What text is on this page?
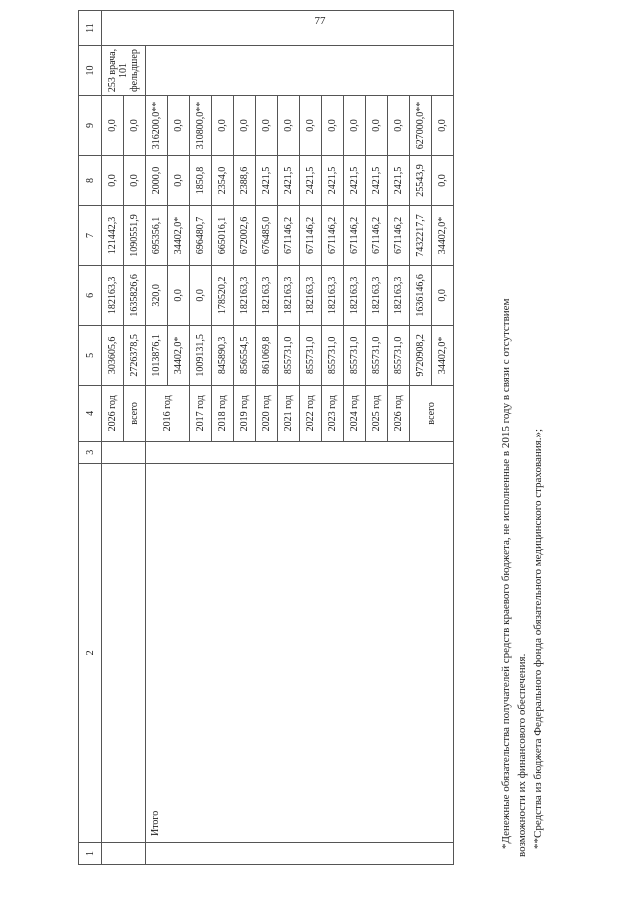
77
1	2	3	4	5	6	7	8	9	10	11
			2026 год	303605,6	182163,3	121442,3	0,0	0,0	253 врача, 101 фельдшер	
			всего	2726378,5	1635826,6	1090551,9	0,0	0,0		
	Итого		2016 год	1013876,1	320,0	695356,1	2000,0	316200,0**		
				34402,0*	0,0	34402,0*	0,0	0,0		
			2017 год	1009131,5	0,0	696480,7	1850,8	310800,0**		
			2018 год	845890,3	178520,2	665016,1	2354,0	0,0		
			2019 год	856554,5	182163,3	672002,6	2388,6	0,0		
			2020 год	861069,8	182163,3	676485,0	2421,5	0,0		
			2021 год	855731,0	182163,3	671146,2	2421,5	0,0		
			2022 год	855731,0	182163,3	671146,2	2421,5	0,0		
			2023 год	855731,0	182163,3	671146,2	2421,5	0,0		
			2024 год	855731,0	182163,3	671146,2	2421,5	0,0		
			2025 год	855731,0	182163,3	671146,2	2421,5	0,0		
			2026 год	855731,0	182163,3	671146,2	2421,5	0,0		
			всего	9720908,2	1636146,6	7432217,7	25543,9	627000,0**		
				34402,0*	0,0	34402,0*	0,0	0,0		

*Денежные обязательства получателей средств краевого бюджета, не исполненные в 2015 году в связи с отсутствием возможности их финансового обеспечения. **Средства из бюджета Федерального фонда обязательного медицинского страхования.»;
